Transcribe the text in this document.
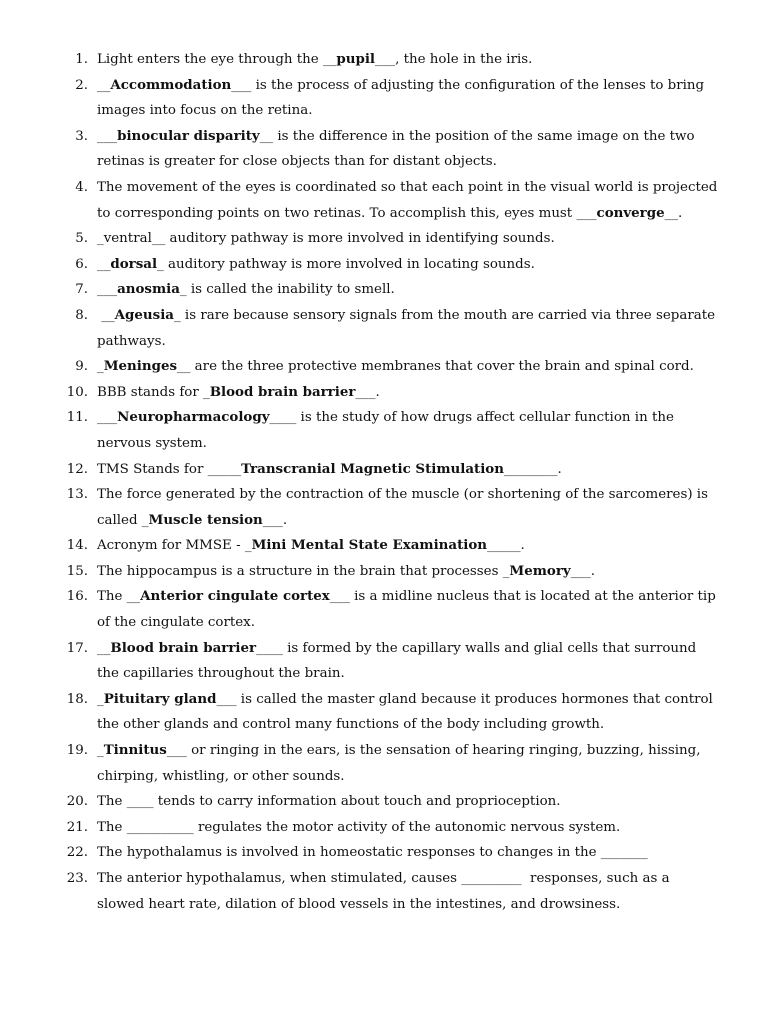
1. Light enters the eye through the __pupil___, the hole in the iris.
2. __Accommodation___ is the process of adjusting the configuration of the lenses to bring images into focus on the retina.
3. ___binocular disparity__ is the difference in the position of the same image on the two retinas is greater for close objects than for distant objects.
4. The movement of the eyes is coordinated so that each point in the visual world is projected to corresponding points on two retinas. To accomplish this, eyes must ___converge__.
5. _ventral__ auditory pathway is more involved in identifying sounds.
6. __dorsal_ auditory pathway is more involved in locating sounds.
7. ___anosmia_ is called the inability to smell.
8. __Ageusia_ is rare because sensory signals from the mouth are carried via three separate pathways.
9. _Meninges__ are the three protective membranes that cover the brain and spinal cord.
10. BBB stands for _Blood brain barrier___.
11. ___Neuropharmacology____ is the study of how drugs affect cellular function in the nervous system.
12. TMS Stands for _____Transcranial Magnetic Stimulation________.
13. The force generated by the contraction of the muscle (or shortening of the sarcomeres) is called _Muscle tension___.
14. Acronym for MMSE - _Mini Mental State Examination_____.
15. The hippocampus is a structure in the brain that processes _Memory___.
16. The __Anterior cingulate cortex___ is a midline nucleus that is located at the anterior tip of the cingulate cortex.
17. __Blood brain barrier____ is formed by the capillary walls and glial cells that surround the capillaries throughout the brain.
18. _Pituitary gland___ is called the master gland because it produces hormones that control the other glands and control many functions of the body including growth.
19. _Tinnitus___ or ringing in the ears, is the sensation of hearing ringing, buzzing, hissing, chirping, whistling, or other sounds.
20. The ____ tends to carry information about touch and proprioception.
21. The __________ regulates the motor activity of the autonomic nervous system.
22. The hypothalamus is involved in homeostatic responses to changes in the _______
23. The anterior hypothalamus, when stimulated, causes _________  responses, such as a slowed heart rate, dilation of blood vessels in the intestines, and drowsiness.
